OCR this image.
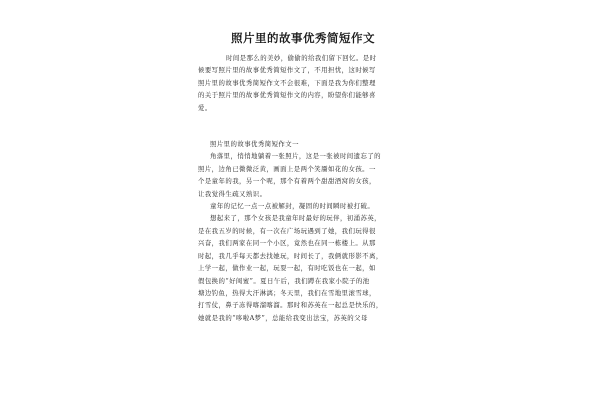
照片里的故事优秀简短作文
时间是那么的美妙，偷偷的给我们留下回忆。是时
候要写照片里的故事优秀简短作文了，不用担忧，这时候写
照片里的故事优秀简短作文不会很难，下面是我为你们整理
的关于照片里的故事优秀简短作文的内容，盼望你们能够喜
爱。
照片里的故事优秀简短作文一
角落里，悄悄地躺着一张照片，这是一张被时间遗忘了的
照片，边角已微微泛黄，画面上是两个笑靥如花的女孩。一
个是童年的我，另一个呢，那个有着两个甜甜酒窝的女孩，
让我觉得生疏又熟识。
童年的记忆一点一点被解封，凝固的时间瞬时被打破。
想起来了，那个女孩是我童年时最好的玩伴，初涌苏英，
是在我五岁的时候，有一次在广场玩遇到了她，我们玩得很
兴奋，我们两家在同一个小区，竟然也在同一栋楼上。从那
时起，我几乎每天都去找她玩，时间长了，我俩就形影不离，
上学一起，做作业一起，玩耍一起，有时吃饭也在一起，如
假包换的“好闺蜜”。夏日午后，我们蹲在我家小院子的池
塘边钓鱼，热得大汗淋漓；冬天里，我们在雪地里滚雪球，
打雪仗，鼻子冻得喀溜喀溜。那时和苏英在一起总是快乐的，
她就是我的“哆啦A梦”，总能给我变出法宝，苏英的父母
